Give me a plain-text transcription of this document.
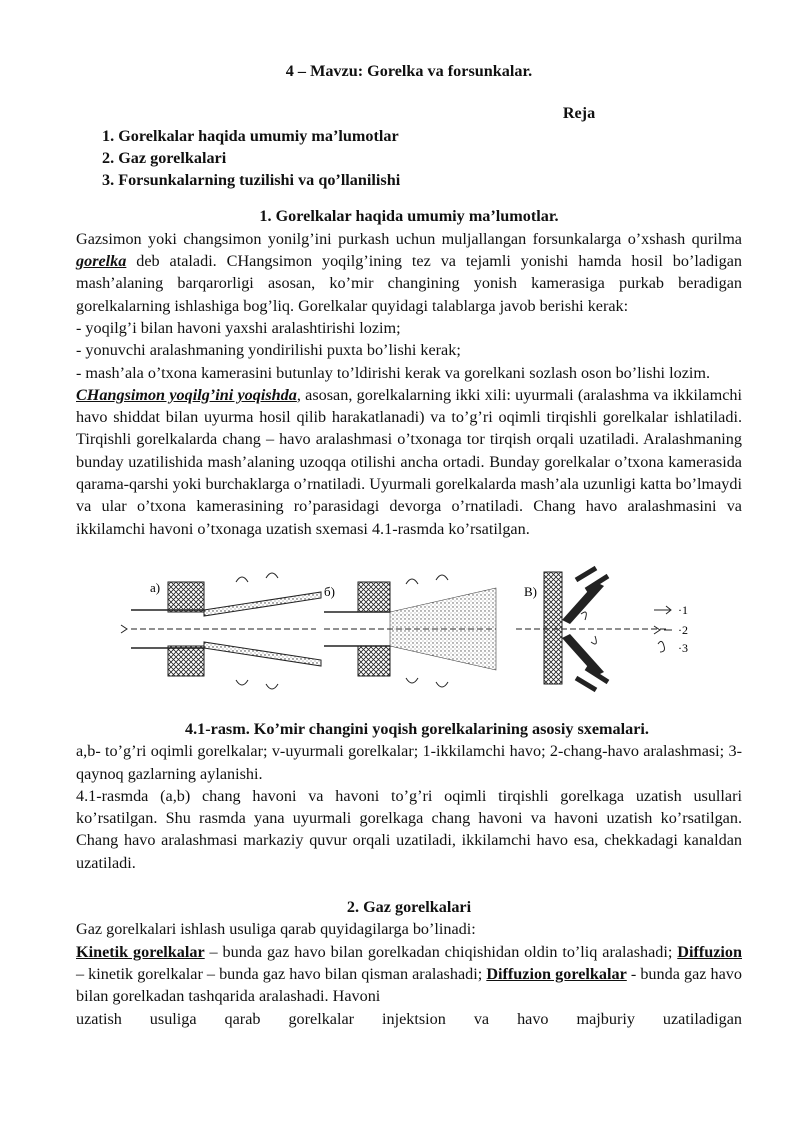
4 – Mavzu: Gorelka va forsunkalar.
Reja
1. Gorelkalar haqida umumiy ma’lumotlar
2. Gaz gorelkalari
3. Forsunkalarning tuzilishi va qo’llanilishi
1. Gorelkalar haqida umumiy ma’lumotlar.

Gazsimon yoki changsimon yonilg’ini purkash uchun muljallangan forsunkalarga o’xshash qurilma gorelka deb ataladi. CHangsimon yoqilg’ining tez va tejamli yonishi hamda hosil bo’ladigan mash’alaning barqarorligi asosan, ko’mir changining yonish kamerasiga purkab beradigan gorelkalarning ishlashiga bog’liq. Gorelkalar quyidagi talablarga javob berishi kerak:

- yoqilg’i bilan havoni yaxshi aralashtirishi lozim;

- yonuvchi aralashmaning yondirilishi puxta bo’lishi kerak;

- mash’ala o’txona kamerasini butunlay to’ldirishi kerak va gorelkani sozlash oson bo’lishi lozim.

CHangsimon yoqilg’ini yoqishda, asosan, gorelkalarning ikki xili: uyurmali (aralashma va ikkilamchi havo shiddat bilan uyurma hosil qilib harakatlanadi) va to’g’ri oqimli tirqishli gorelkalar ishlatiladi. Tirqishli gorelkalarda chang – havo aralashmasi o’txonaga tor tirqish orqali uzatiladi. Aralashmaning bunday uzatilishida mash’alaning uzoqqa otilishi ancha ortadi. Bunday gorelkalar o’txona kamerasida qarama-qarshi yoki burchaklarga o’rnatiladi. Uyurmali gorelkalarda mash’ala uzunligi katta bo’lmaydi va ular o’txona kamerasining ro’parasidagi devorga o’rnatiladi. Chang havo aralashmasini va ikkilamchi havoni o’txonaga uzatish sxemasi 4.1-rasmda ko’rsatilgan.

a)	б)	B)
·1
·2
·3
4.1-rasm. Ko’mir changini yoqish gorelkalarining asosiy sxemalari.

a,b- to’g’ri oqimli gorelkalar; v-uyurmali gorelkalar; 1-ikkilamchi havo; 2-chang-havo aralashmasi; 3-qaynoq gazlarning aylanishi.

4.1-rasmda (a,b) chang havoni va havoni to’g’ri oqimli tirqishli gorelkaga uzatish usullari ko’rsatilgan. Shu rasmda yana uyurmali gorelkaga chang havoni va havoni uzatish ko’rsatilgan. Chang havo aralashmasi markaziy quvur orqali uzatiladi, ikkilamchi havo esa, chekkadagi kanaldan uzatiladi.

2. Gaz gorelkalari

Gaz gorelkalari ishlash usuliga qarab quyidagilarga bo’linadi:

Kinetik gorelkalar – bunda gaz havo bilan gorelkadan chiqishidan oldin to’liq aralashadi; Diffuzion – kinetik gorelkalar – bunda gaz havo bilan qisman aralashadi; Diffuzion gorelkalar - bunda gaz havo bilan gorelkadan tashqarida aralashadi. Havoni

uzatish usuliga qarab gorelkalar injektsion va havo majburiy uzatiladigan
